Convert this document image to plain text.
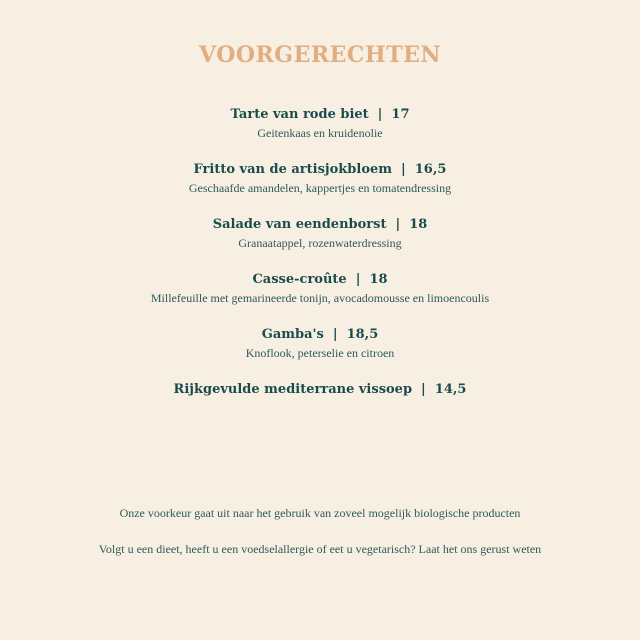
VOORGERECHTEN
Tarte van rode biet | 17
Geitenkaas en kruidenolie
Fritto van de artisjokbloem | 16,5
Geschaafde amandelen, kappertjes en tomatendressing
Salade van eendenborst | 18
Granaatappel, rozenwaterdressing
Casse-croûte | 18
Millefeuille met gemarineerde tonijn, avocadomousse en limoencoulis
Gamba's | 18,5
Knoflook, peterselie en citroen
Rijkgevulde mediterrane vissoep | 14,5
Onze voorkeur gaat uit naar het gebruik van zoveel mogelijk biologische producten
Volgt u een dieet, heeft u een voedselallergie of eet u vegetarisch? Laat het ons gerust weten
